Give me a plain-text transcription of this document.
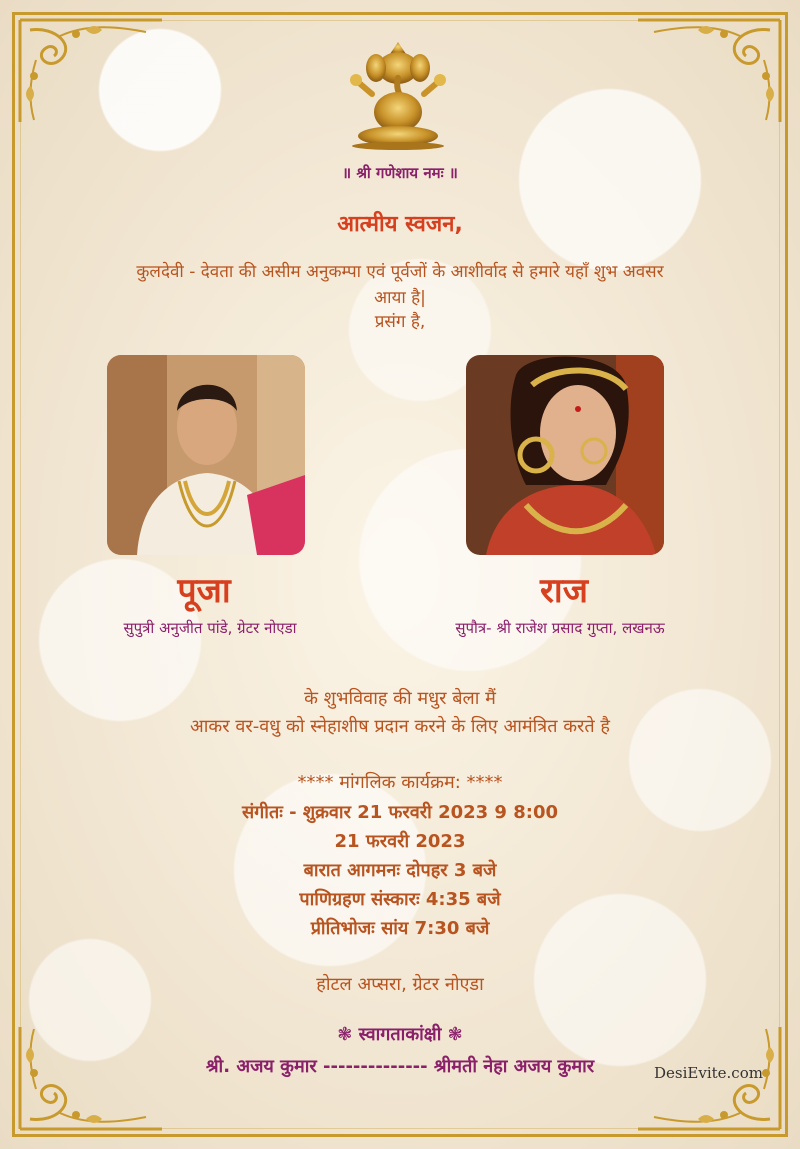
॥ श्री गणेशाय नमः ॥
आत्मीय स्वजन,
कुलदेवी - देवता की असीम अनुकम्पा एवं पूर्वजों के आशीर्वाद से हमारे यहाँ शुभ अवसर
आया है|
प्रसंग है,
पूजा	राज
सुपुत्री अनुजीत पांडे, ग्रेटर नोएडा	सुपौत्र- श्री राजेश प्रसाद गुप्ता, लखनऊ
के शुभविवाह की मधुर बेला मैं
आकर वर-वधु को स्नेहाशीष प्रदान करने के लिए आमंत्रित करते है
**** मांगलिक कार्यक्रम: ****
संगीतः - शुक्रवार 21 फरवरी 2023 9 8:00
21 फरवरी 2023
बारात आगमनः दोपहर 3 बजे
पाणिग्रहण संस्कारः 4:35 बजे
प्रीतिभोजः सांय 7:30 बजे
होटल अप्सरा, ग्रेटर नोएडा
❃ स्वागताकांक्षी ❃
श्री. अजय कुमार -------------- श्रीमती नेहा अजय कुमार	DesiEvite.com
